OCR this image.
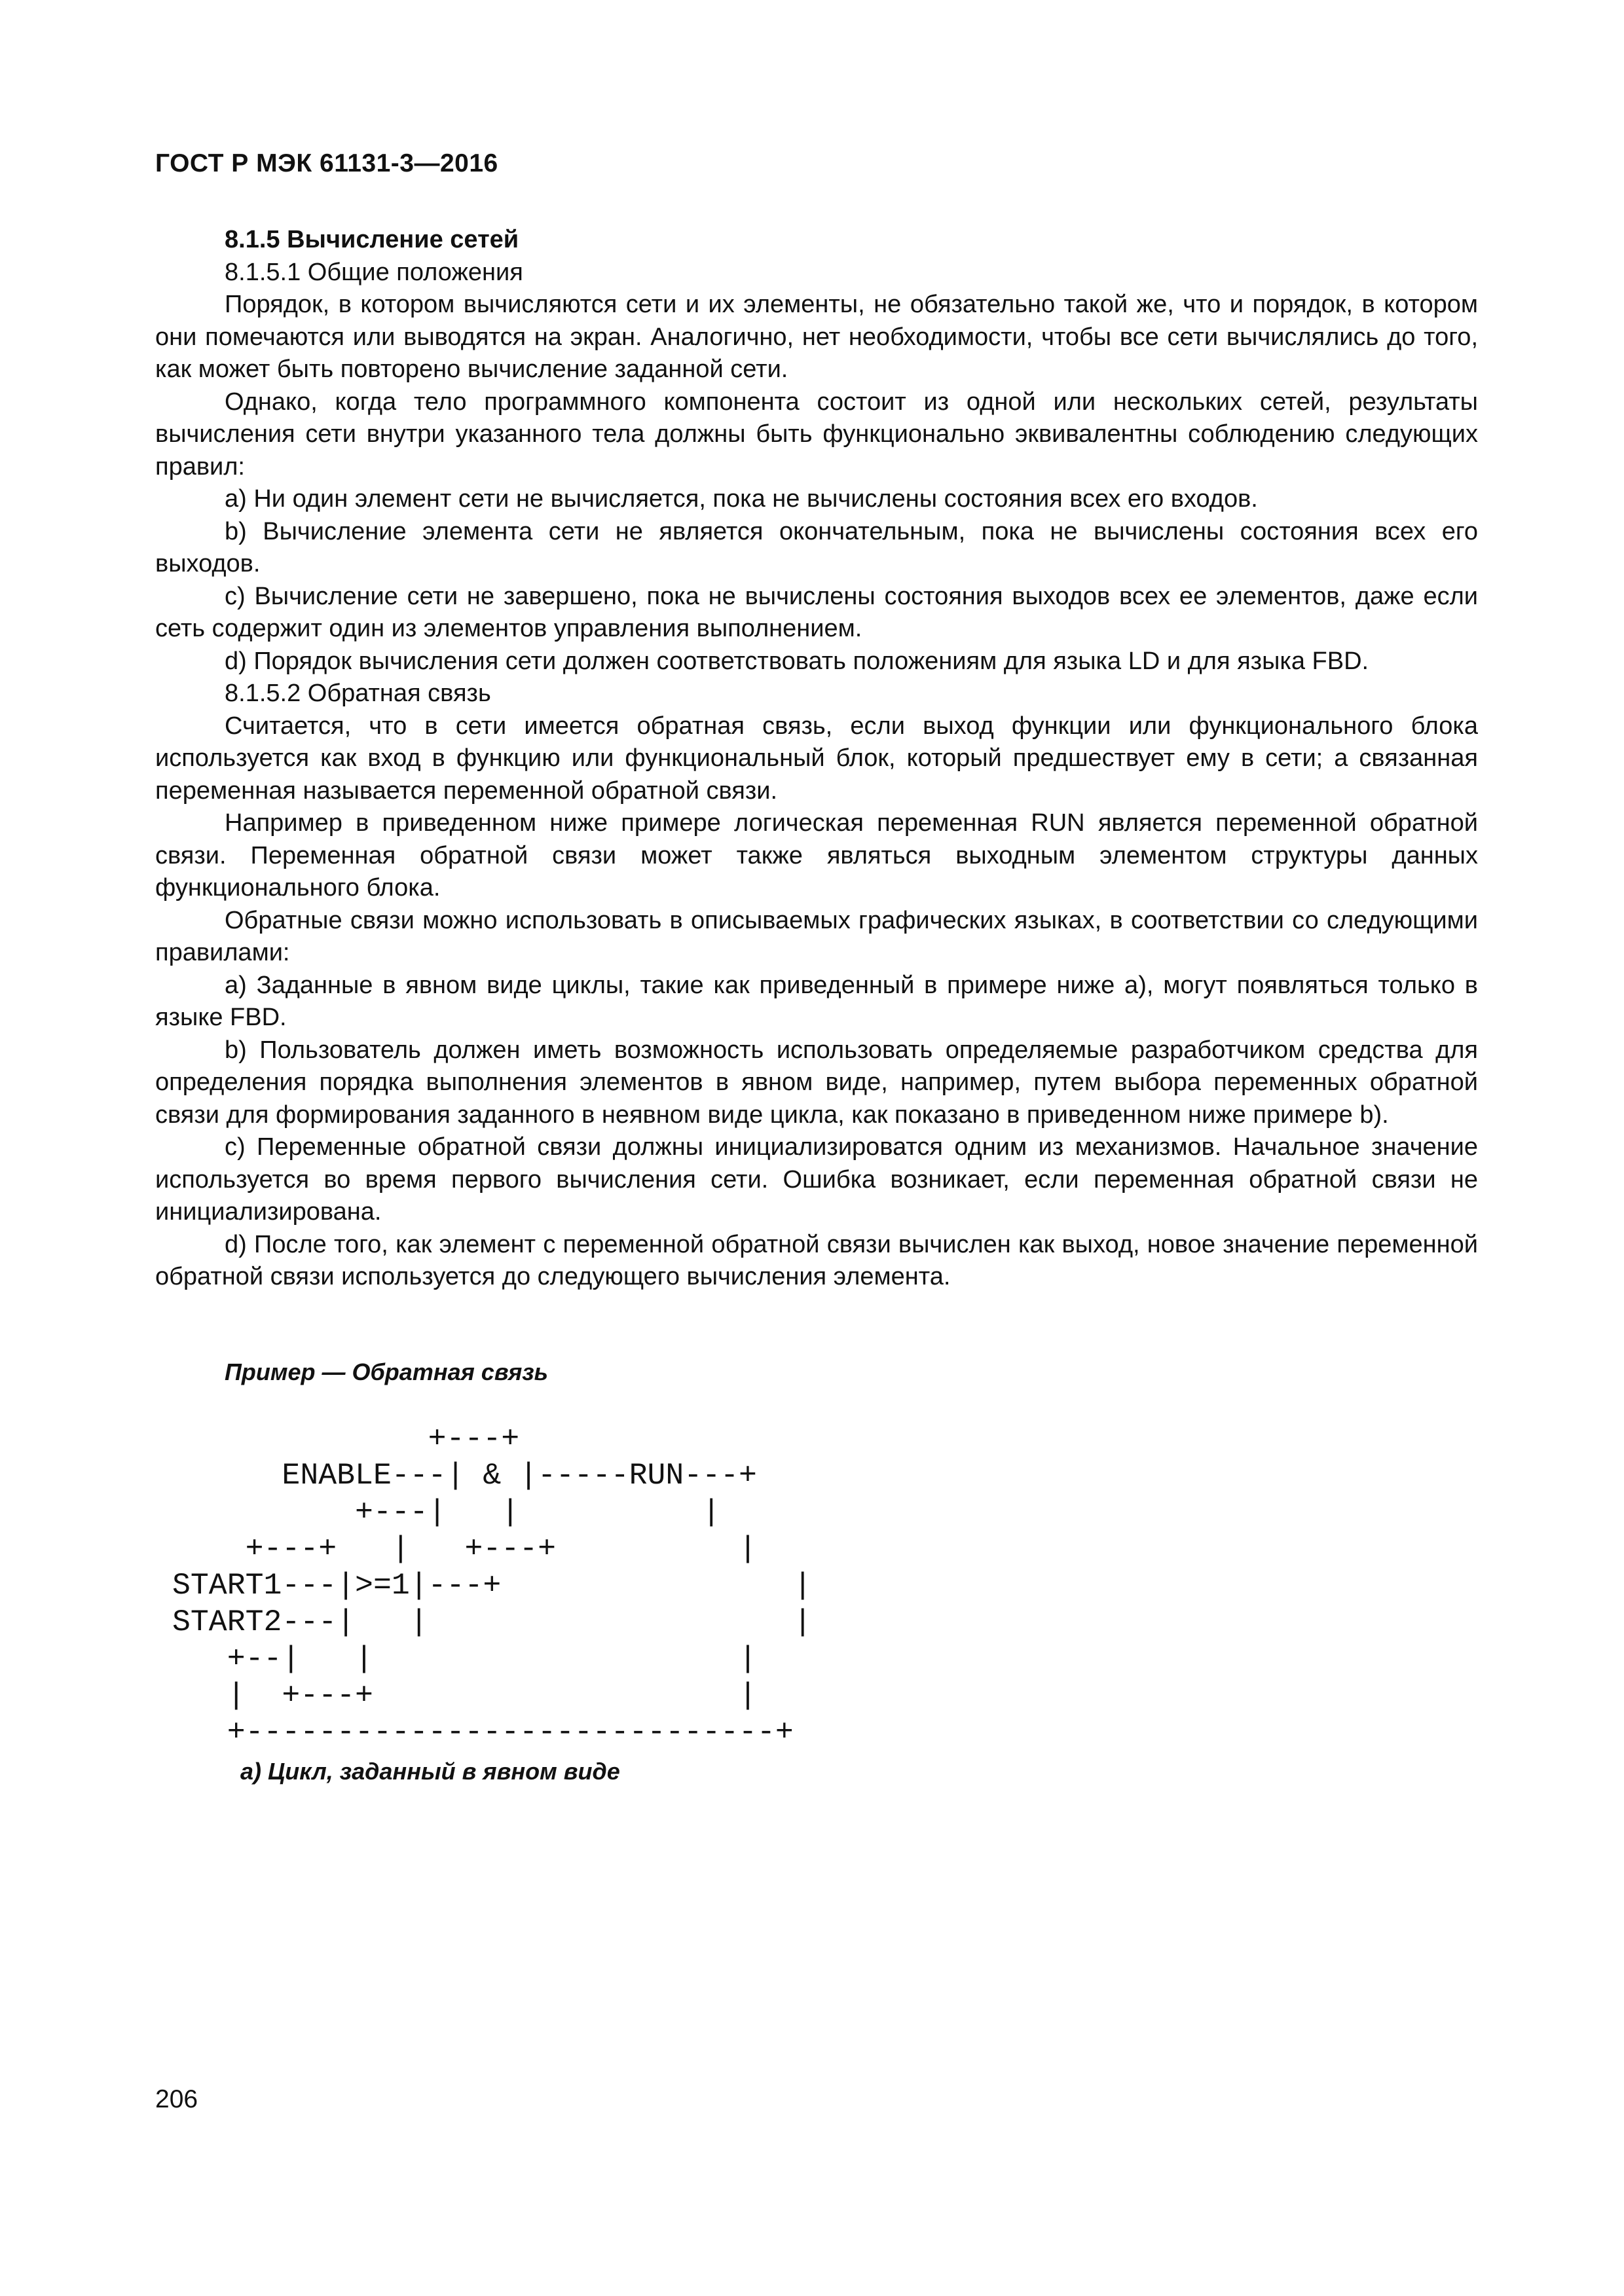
ГОСТ Р МЭК 61131-3—2016

8.1.5 Вычисление сетей

8.1.5.1 Общие положения

Порядок, в котором вычисляются сети и их элементы, не обязательно такой же, что и порядок, в котором они помечаются или выводятся на экран. Аналогично, нет необходимости, чтобы все сети вычислялись до того, как может быть повторено вычисление заданной сети.

Однако, когда тело программного компонента состоит из одной или нескольких сетей, результаты вычисления сети внутри указанного тела должны быть функционально эквивалентны соблюдению следующих правил:

a) Ни один элемент сети не вычисляется, пока не вычислены состояния всех его входов.

b) Вычисление элемента сети не является окончательным, пока не вычислены состояния всех его выходов.

c) Вычисление сети не завершено, пока не вычислены состояния выходов всех ее элементов, даже если сеть содержит один из элементов управления выполнением.

d) Порядок вычисления сети должен соответствовать положениям для языка LD и для языка FBD.

8.1.5.2 Обратная связь

Считается, что в сети имеется обратная связь, если выход функции или функционального блока используется как вход в функцию или функциональный блок, который предшествует ему в сети; а связанная переменная называется переменной обратной связи.

Например в приведенном ниже примере логическая переменная RUN является переменной обратной связи. Переменная обратной связи может также являться выходным элементом структуры данных функционального блока.

Обратные связи можно использовать в описываемых графических языках, в соответствии со следующими правилами:

a) Заданные в явном виде циклы, такие как приведенный в примере ниже а), могут появляться только в языке FBD.

b) Пользователь должен иметь возможность использовать определяемые разработчиком средства для определения порядка выполнения элементов в явном виде, например, путем выбора переменных обратной связи для формирования заданного в неявном виде цикла, как показано в приведенном ниже примере b).

c) Переменные обратной связи должны инициализироватся одним из механизмов. Начальное значение используется во время первого вычисления сети. Ошибка возникает, если переменная обратной связи не инициализирована.

d) После того, как элемент с переменной обратной связи вычислен как выход, новое значение переменной обратной связи используется до следующего вычисления элемента.

Пример — Обратная связь
+---+
ENABLE---| & |-----RUN---+
+---|   |          |
+---+   |   +---+          |
START1---|>=1|---+                |
START2---|   |                    |
+--|   |                    |
|  +---+                    |
+-----------------------------+
а) Цикл, заданный в явном виде
206
